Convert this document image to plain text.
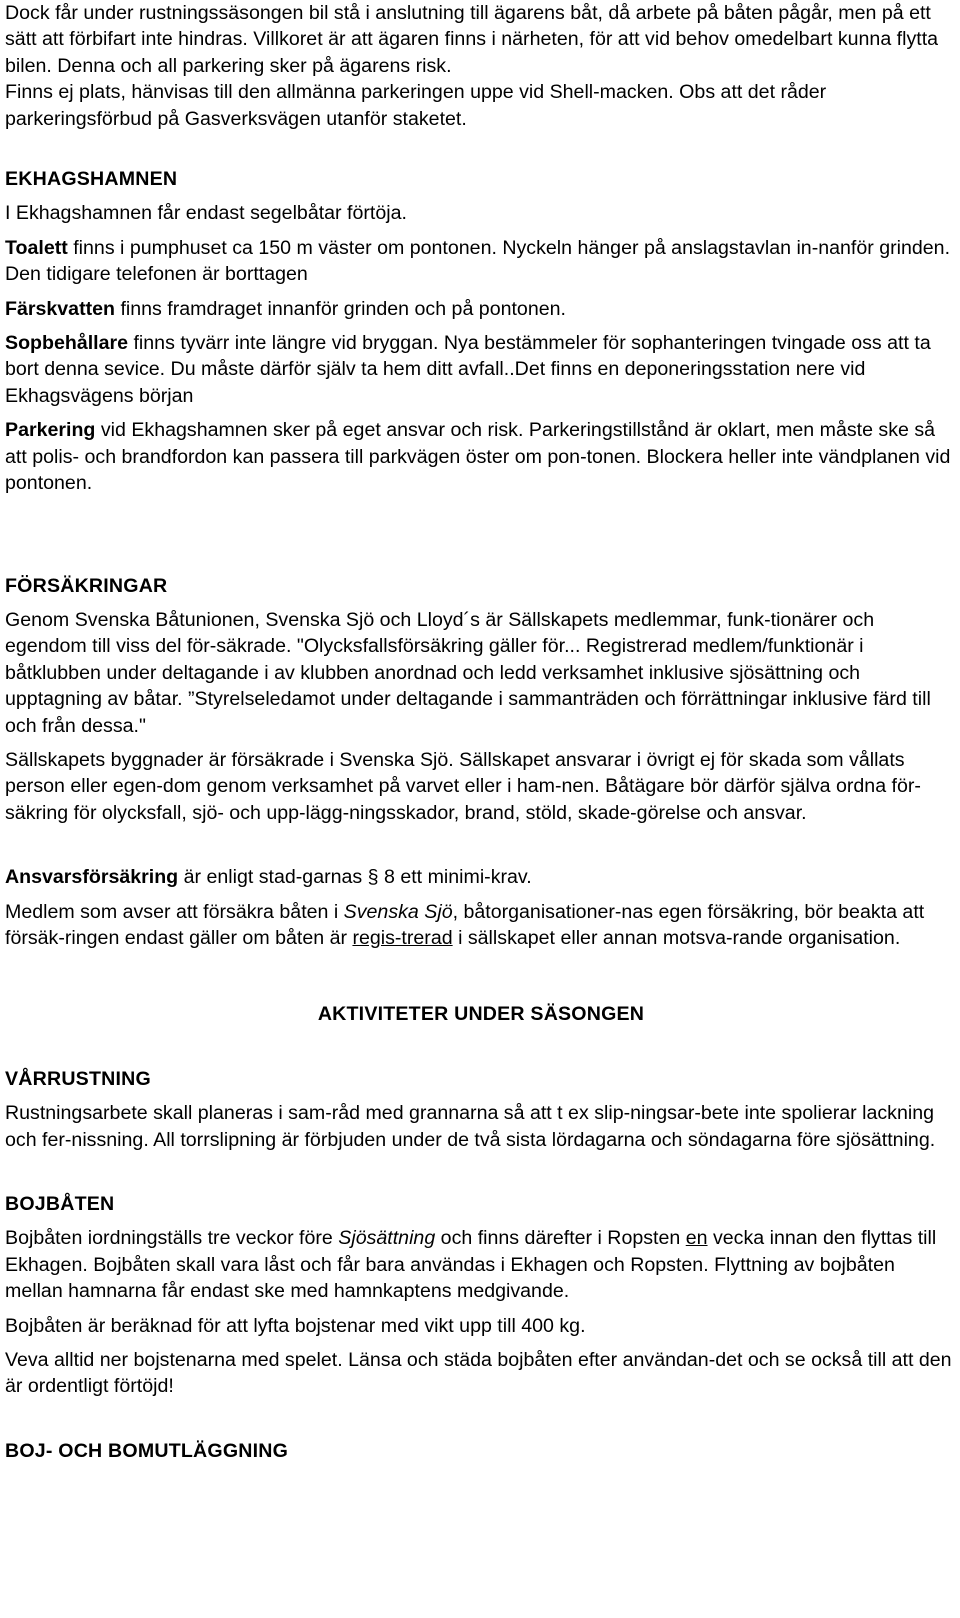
Dock får under rustningssäsongen bil stå i anslutning till ägarens båt, då arbete på båten pågår, men på ett sätt att förbifart inte hindras. Villkoret är att ägaren finns i närheten, för att vid behov omedelbart kunna flytta bilen. Denna och all parkering sker på ägarens risk.

Finns ej plats, hänvisas till den allmänna parkeringen uppe vid Shell-macken. Obs att det råder parkeringsförbud på Gasverksvägen utanför staketet.

EKHAGSHAMNEN

I Ekhagshamnen får endast segelbåtar förtöja.

Toalett finns i pumphuset ca 150 m väster om pontonen. Nyckeln hänger på anslagstavlan in-nanför grinden. Den tidigare telefonen är borttagen

Färskvatten finns framdraget innanför grinden och på pontonen.

Sopbehållare finns tyvärr inte längre vid bryggan. Nya bestämmeler för sophanteringen tvingade oss att ta bort denna sevice. Du måste därför själv ta hem ditt avfall..Det finns en deponeringsstation nere vid Ekhagsvägens början

Parkering vid Ekhagshamnen sker på eget ansvar och risk. Parkeringstillstånd är oklart, men måste ske så att polis- och brandfordon kan passera till parkvägen öster om pon-tonen. Blockera heller inte vändplanen vid pontonen.

FÖRSÄKRINGAR

Genom Svenska Båtunionen, Svenska Sjö och Lloyd´s är Sällskapets medlemmar, funk-tionärer och egendom till viss del för-säkrade. "Olycksfallsförsäkring gäller för... Registrerad medlem/funktionär i båtklubben under deltagande i av klubben anordnad och ledd verksamhet inklusive sjösättning och upptagning av båtar. ”Styrelseledamot under deltagande i sammanträden och förrättningar inklusive färd till och från dessa."

Sällskapets byggnader är försäkrade i Svenska Sjö. Sällskapet ansvarar i övrigt ej för skada som vållats person eller egen-dom genom verksamhet på varvet eller i ham-nen. Båtägare bör därför själva ordna för-säkring för olycksfall, sjö- och upp-lägg-ningsskador, brand, stöld, skade-görelse och ansvar.

Ansvarsförsäkring är enligt stad-garnas § 8 ett minimi-krav.

Medlem som avser att försäkra båten i Svenska Sjö, båtorganisationer-nas egen försäkring, bör beakta att försäk-ringen endast gäller om båten är regis-trerad i sällskapet eller annan motsva-rande organisation.

AKTIVITETER UNDER SÄSONGEN
VÅRRUSTNING

Rustningsarbete skall planeras i sam-råd med grannarna så att t ex slip-ningsar-bete inte spolierar lackning och fer-nissning. All torrslipning är förbjuden under de två sista lördagarna och söndagarna före sjösättning.

BOJBÅTEN

Bojbåten iordningställs tre veckor före Sjösättning och finns därefter i Ropsten en vecka innan den flyttas till Ekhagen. Bojbåten skall vara låst och får bara användas i Ekhagen och Ropsten. Flyttning av bojbåten mellan hamnarna får endast ske med hamnkaptens medgivande.

Bojbåten är beräknad för att lyfta bojstenar med vikt upp till 400 kg.

Veva alltid ner bojstenarna med spelet. Länsa och städa bojbåten efter användan-det och se också till att den är ordentligt förtöjd!

BOJ- OCH BOMUTLÄGGNING
